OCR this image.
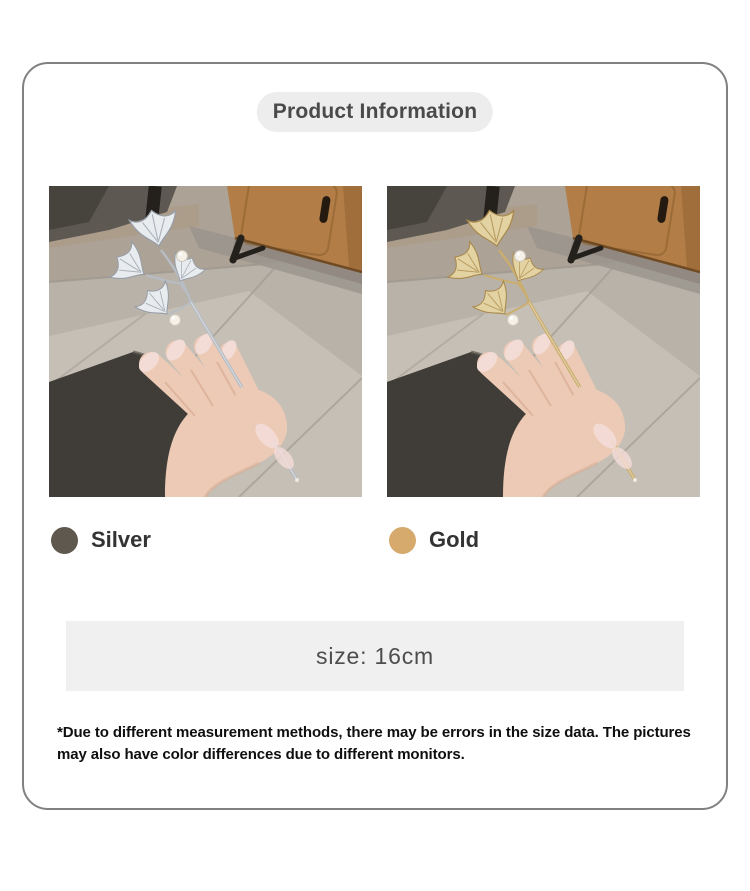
Product Information
Silver	Gold
size: 16cm

*Due to different measurement methods, there may be errors in the size data. The pictures may also have color differences due to different monitors.
